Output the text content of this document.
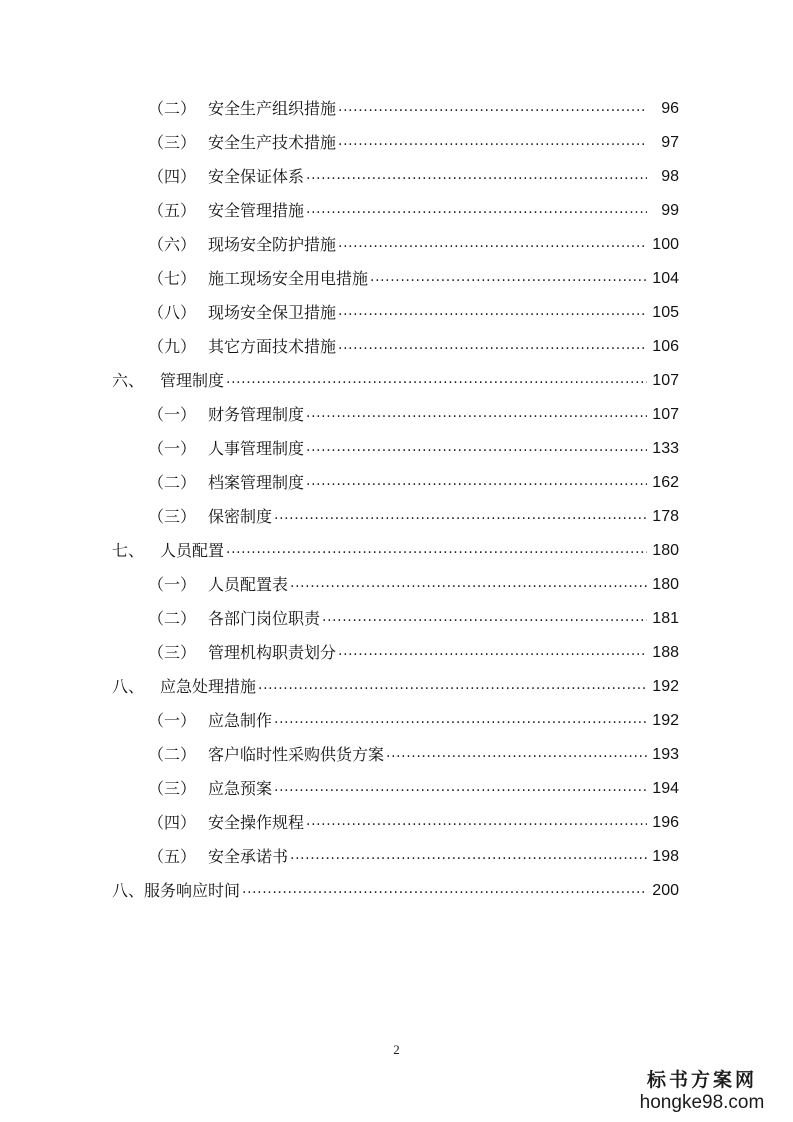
（二） 安全生产组织措施 .....	96
（三） 安全生产技术措施 .....	97
（四） 安全保证体系 .....	98
（五） 安全管理措施 .....	99
（六） 现场安全防护措施 .....	100
（七） 施工现场安全用电措施 .....	104
（八） 现场安全保卫措施 .....	105
（九） 其它方面技术措施 .....	106
六、 管理制度 .....	107
（一） 财务管理制度 .....	107
（一） 人事管理制度 .....	133
（二） 档案管理制度 .....	162
（三） 保密制度 .....	178
七、 人员配置 .....	180
（一） 人员配置表 .....	180
（二） 各部门岗位职责 .....	181
（三） 管理机构职责划分 .....	188
八、 应急处理措施 .....	192
（一） 应急制作 .....	192
（二） 客户临时性采购供货方案 .....	193
（三） 应急预案 .....	194
（四） 安全操作规程 .....	196
（五） 安全承诺书 .....	198
八、 服务响应时间 .....	200
2
标书方案网
hongke98.com
